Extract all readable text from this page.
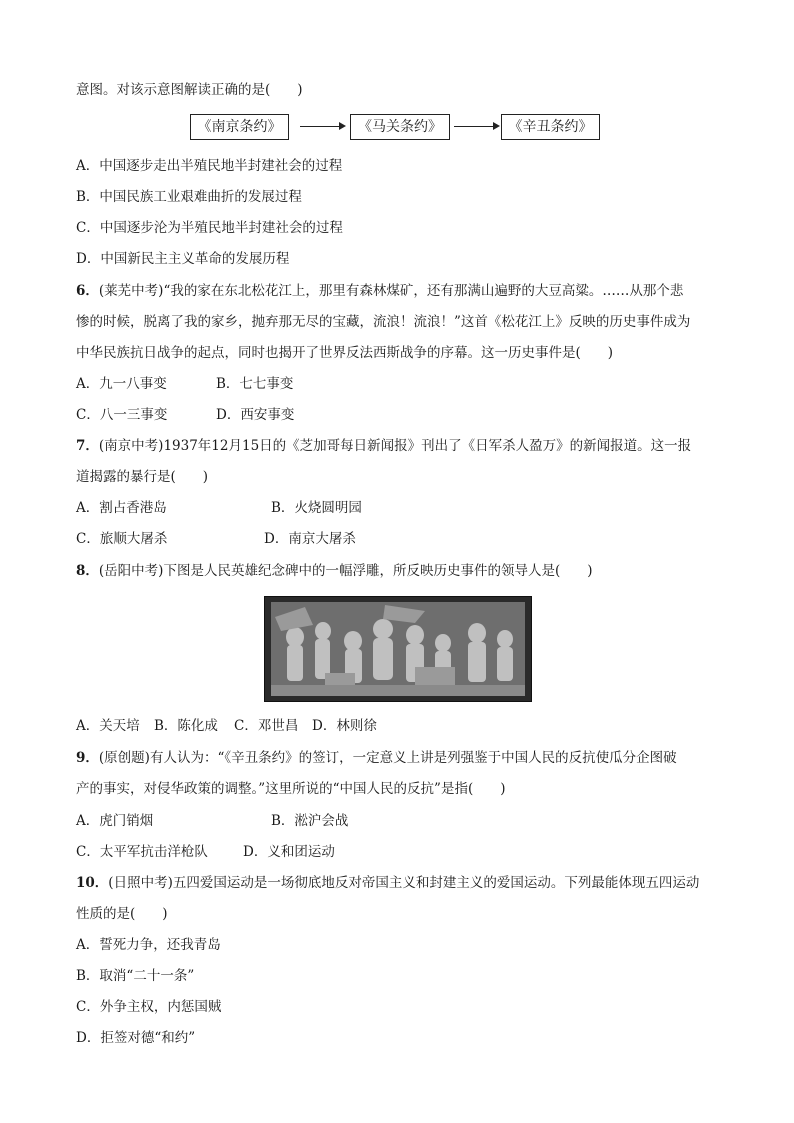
意图。对该示意图解读正确的是(　　)
《南京条约》	《马关条约》	《辛丑条约》
A．中国逐步走出半殖民地半封建社会的过程
B．中国民族工业艰难曲折的发展过程
C．中国逐步沦为半殖民地半封建社会的过程
D．中国新民主主义革命的发展历程
6．(莱芜中考)“我的家在东北松花江上，那里有森林煤矿，还有那满山遍野的大豆高粱。……从那个悲
惨的时候，脱离了我的家乡，抛弃那无尽的宝藏，流浪！流浪！”这首《松花江上》反映的历史事件成为
中华民族抗日战争的起点，同时也揭开了世界反法西斯战争的序幕。这一历史事件是(　　)
A．九一八事变	B．七七事变
C．八一三事变	D．西安事变
7．(南京中考)1937年12月15日的《芝加哥每日新闻报》刊出了《日军杀人盈万》的新闻报道。这一报
道揭露的暴行是(　　)
A．割占香港岛	B．火烧圆明园
C．旅顺大屠杀	D．南京大屠杀
8．(岳阳中考)下图是人民英雄纪念碑中的一幅浮雕，所反映历史事件的领导人是(　　)
A．关天培 B．陈化成 C．邓世昌 D．林则徐
9．(原创题)有人认为：“《辛丑条约》的签订，一定意义上讲是列强鉴于中国人民的反抗使瓜分企图破
产的事实，对侵华政策的调整。”这里所说的“中国人民的反抗”是指(　　)
A．虎门销烟	B．淞沪会战
C．太平军抗击洋枪队	D．义和团运动
10．(日照中考)五四爱国运动是一场彻底地反对帝国主义和封建主义的爱国运动。下列最能体现五四运动
性质的是(　　)
A．誓死力争，还我青岛
B．取消“二十一条”
C．外争主权，内惩国贼
D．拒签对德“和约”
